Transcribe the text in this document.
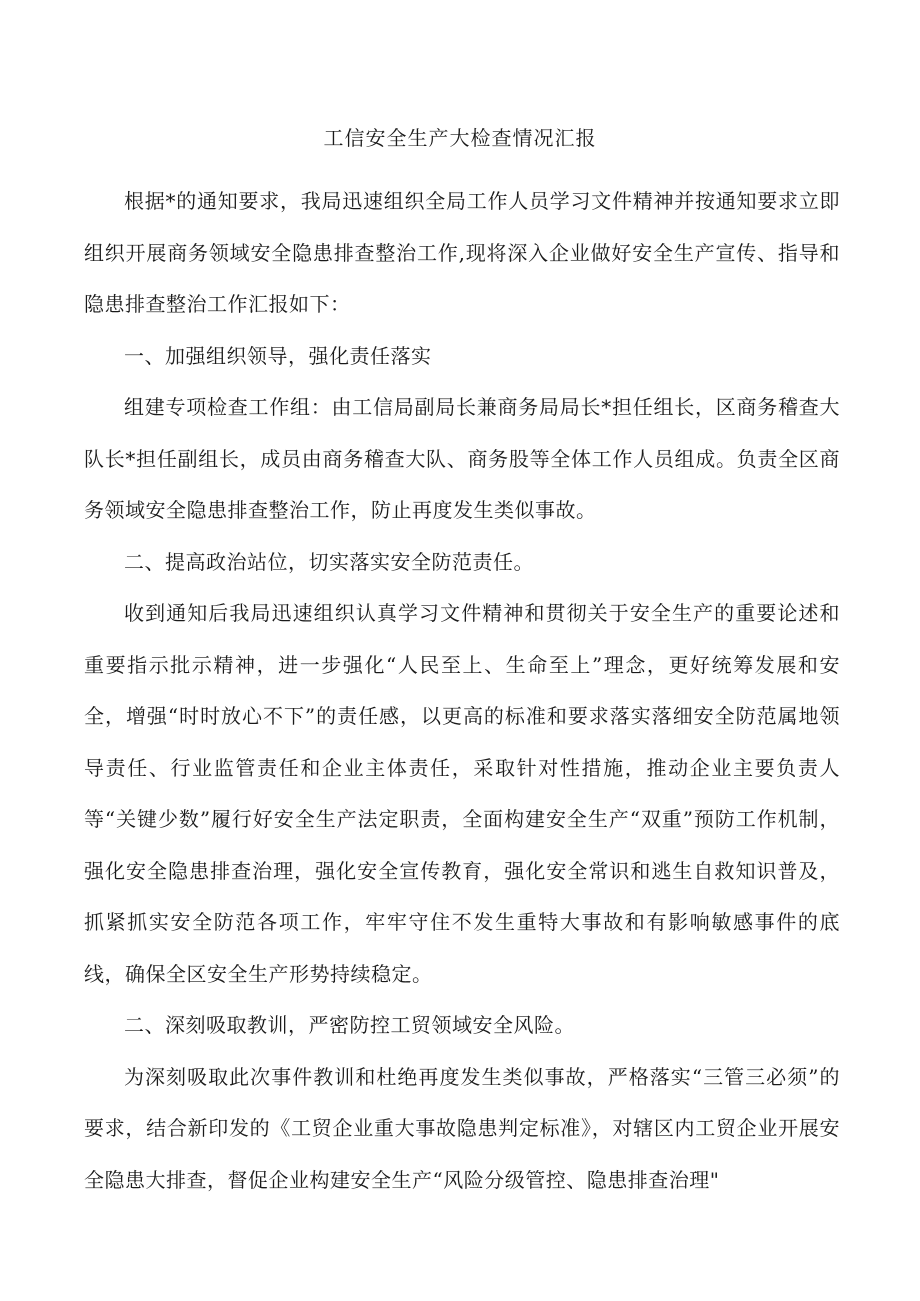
工信安全生产大检查情况汇报

根据*的通知要求，我局迅速组织全局工作人员学习文件精神并按通知要求立即组织开展商务领域安全隐患排查整治工作,现将深入企业做好安全生产宣传、指导和隐患排查整治工作汇报如下：

一、加强组织领导，强化责任落实

组建专项检查工作组：由工信局副局长兼商务局局长*担任组长，区商务稽查大队长*担任副组长，成员由商务稽查大队、商务股等全体工作人员组成。负责全区商务领域安全隐患排查整治工作，防止再度发生类似事故。

二、提高政治站位，切实落实安全防范责任。

收到通知后我局迅速组织认真学习文件精神和贯彻关于安全生产的重要论述和重要指示批示精神，进一步强化“人民至上、生命至上”理念，更好统筹发展和安全，增强“时时放心不下”的责任感，以更高的标准和要求落实落细安全防范属地领导责任、行业监管责任和企业主体责任，采取针对性措施，推动企业主要负责人等“关键少数”履行好安全生产法定职责，全面构建安全生产“双重”预防工作机制，强化安全隐患排查治理，强化安全宣传教育，强化安全常识和逃生自救知识普及，抓紧抓实安全防范各项工作，牢牢守住不发生重特大事故和有影响敏感事件的底线，确保全区安全生产形势持续稳定。

二、深刻吸取教训，严密防控工贸领域安全风险。

为深刻吸取此次事件教训和杜绝再度发生类似事故，严格落实“三管三必须”的要求，结合新印发的《工贸企业重大事故隐患判定标准》，对辖区内工贸企业开展安全隐患大排查，督促企业构建安全生产“风险分级管控、隐患排查治理"
